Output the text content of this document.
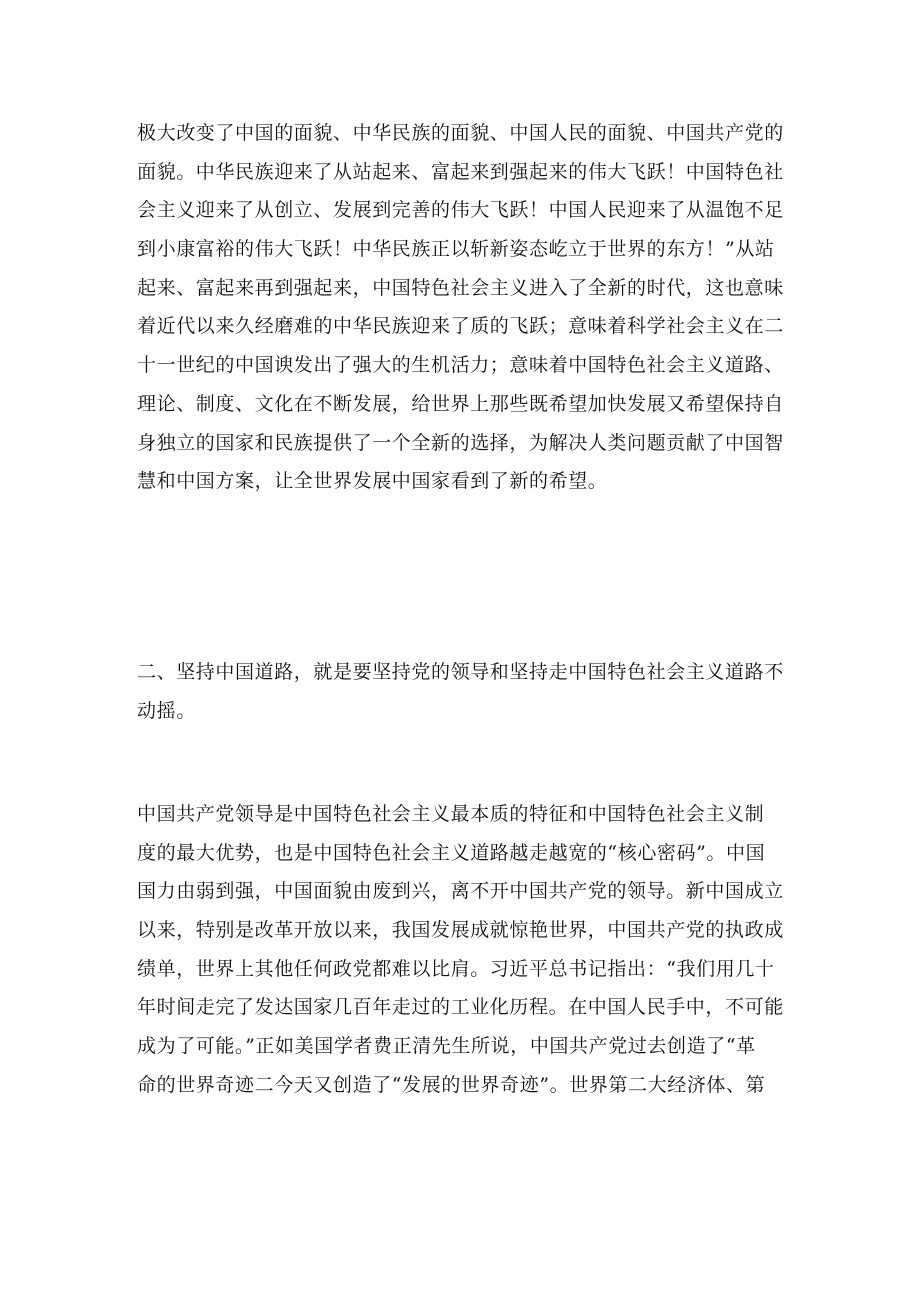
极大改变了中国的面貌、中华民族的面貌、中国人民的面貌、中国共产党的
面貌。中华民族迎来了从站起来、富起来到强起来的伟大飞跃！中国特色社
会主义迎来了从创立、发展到完善的伟大飞跃！中国人民迎来了从温饱不足
到小康富裕的伟大飞跃！中华民族正以斩新姿态屹立于世界的东方！”从站
起来、富起来再到强起来，中国特色社会主义进入了全新的时代，这也意味
着近代以来久经磨难的中华民族迎来了质的飞跃；意味着科学社会主义在二
十一世纪的中国谀发出了强大的生机活力；意味着中国特色社会主义道路、
理论、制度、文化在不断发展，给世界上那些既希望加快发展又希望保持自
身独立的国家和民族提供了一个全新的选择，为解决人类问题贡献了中国智
慧和中国方案，让全世界发展中国家看到了新的希望。
二、坚持中国道路，就是要坚持党的领导和坚持走中国特色社会主义道路不
动摇。
中国共产党领导是中国特色社会主义最本质的特征和中国特色社会主义制
度的最大优势，也是中国特色社会主义道路越走越宽的“核心密码”。中国
国力由弱到强，中国面貌由废到兴，离不开中国共产党的领导。新中国成立
以来，特别是改革开放以来，我国发展成就惊艳世界，中国共产党的执政成
绩单，世界上其他任何政党都难以比肩。习近平总书记指出：“我们用几十
年时间走完了发达国家几百年走过的工业化历程。在中国人民手中，不可能
成为了可能。”正如美国学者费正清先生所说，中国共产党过去创造了“革
命的世界奇迹二今天又创造了“发展的世界奇迹”。世界第二大经济体、第
